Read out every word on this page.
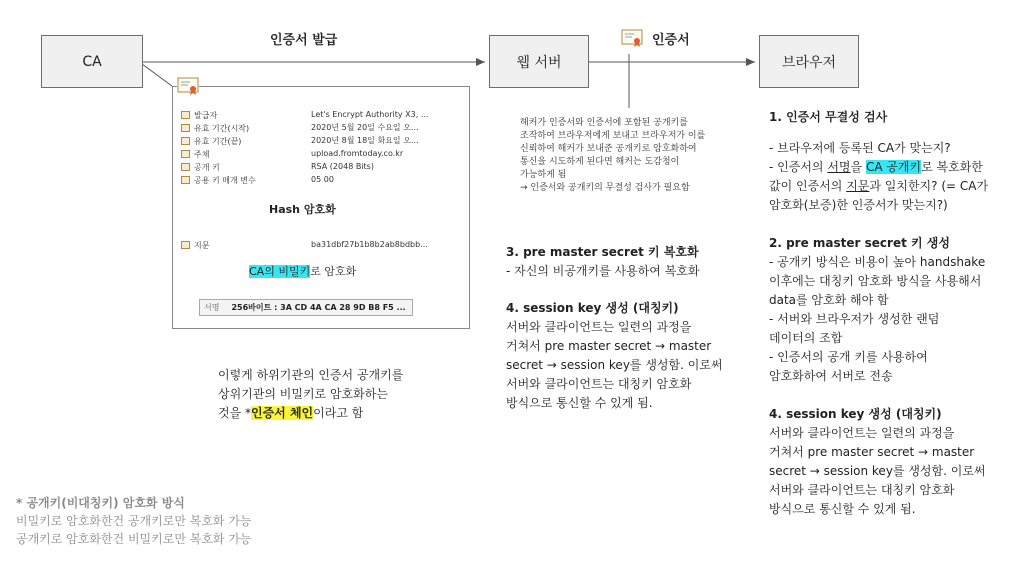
CA	웹 서버	브라우저
인증서 발급	인증서
발급자	Let's Encrypt Authority X3, ...
유효 기간(시작)	2020년 5월 20일 수요일 오...
유효 기간(끝)	2020년 8월 18일 화요일 오...
주체	upload.fromtoday.co.kr
공개 키	RSA (2048 Bits)
공용 키 매개 변수	05 00
Hash 암호화
지문	ba31dbf27b1b8b2ab8bdbb...
CA의 비밀키로 암호화
서명 256바이트 : 3A CD 4A CA 28 9D B8 F5 ...
해커가 인증서와 인증서에 포함된 공개키를
조작하여 브라우저에게 보내고 브라우저가 이를
신뢰하여 해커가 보내준 공개키로 암호화하여
통신을 시도하게 된다면 해커는 도감청이
가능하게 됨
→ 인증서와 공개키의 무결성 검사가 필요함
이렇게 하위기관의 인증서 공개키를
상위기관의 비밀키로 암호화하는
것을 *인증서 체인이라고 함
* 공개키(비대칭키) 암호화 방식
비밀키로 암호화한건 공개키로만 복호화 가능
공개키로 암호화한건 비밀키로만 복호화 가능
3. pre master secret 키 복호화
- 자신의 비공개키를 사용하여 복호화
4. session key 생성 (대칭키)
서버와 클라이언트는 일련의 과정을
거쳐서 pre master secret → master
secret → session key를 생성함. 이로써
서버와 클라이언트는 대칭키 암호화
방식으로 통신할 수 있게 됨.
1. 인증서 무결성 검사
- 브라우저에 등록된 CA가 맞는지?
- 인증서의 서명을 CA 공개키로 복호화한
값이 인증서의 지문과 일치한지? (= CA가
암호화(보증)한 인증서가 맞는지?)
2. pre master secret 키 생성
- 공개키 방식은 비용이 높아 handshake
이후에는 대칭키 암호화 방식을 사용해서
data를 암호화 해야 함
- 서버와 브라우저가 생성한 랜덤
데이터의 조합
- 인증서의 공개 키를 사용하여
암호화하여 서버로 전송
4. session key 생성 (대칭키)
서버와 클라이언트는 일련의 과정을
거쳐서 pre master secret → master
secret → session key를 생성함. 이로써
서버와 클라이언트는 대칭키 암호화
방식으로 통신할 수 있게 됨.
